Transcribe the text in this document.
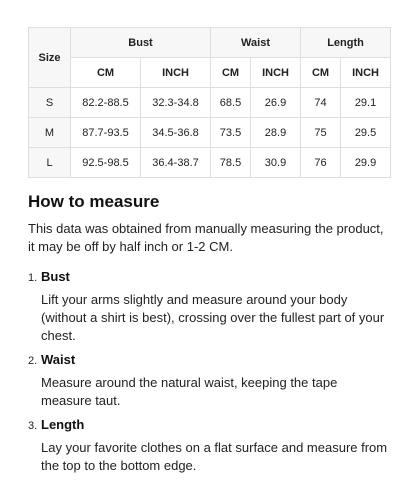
Size	Bust		Waist		Length	
	CM	INCH	CM	INCH	CM	INCH
S	82.2-88.5	32.3-34.8	68.5	26.9	74	29.1
M	87.7-93.5	34.5-36.8	73.5	28.9	75	29.5
L	92.5-98.5	36.4-38.7	78.5	30.9	76	29.9
How to measure

This data was obtained from manually measuring the product, it may be off by half inch or 1-2 CM.

1. Bust
Lift your arms slightly and measure around your body (without a shirt is best), crossing over the fullest part of your chest.
2. Waist
Measure around the natural waist, keeping the tape measure taut.
3. Length
Lay your favorite clothes on a flat surface and measure from the top to the bottom edge.
